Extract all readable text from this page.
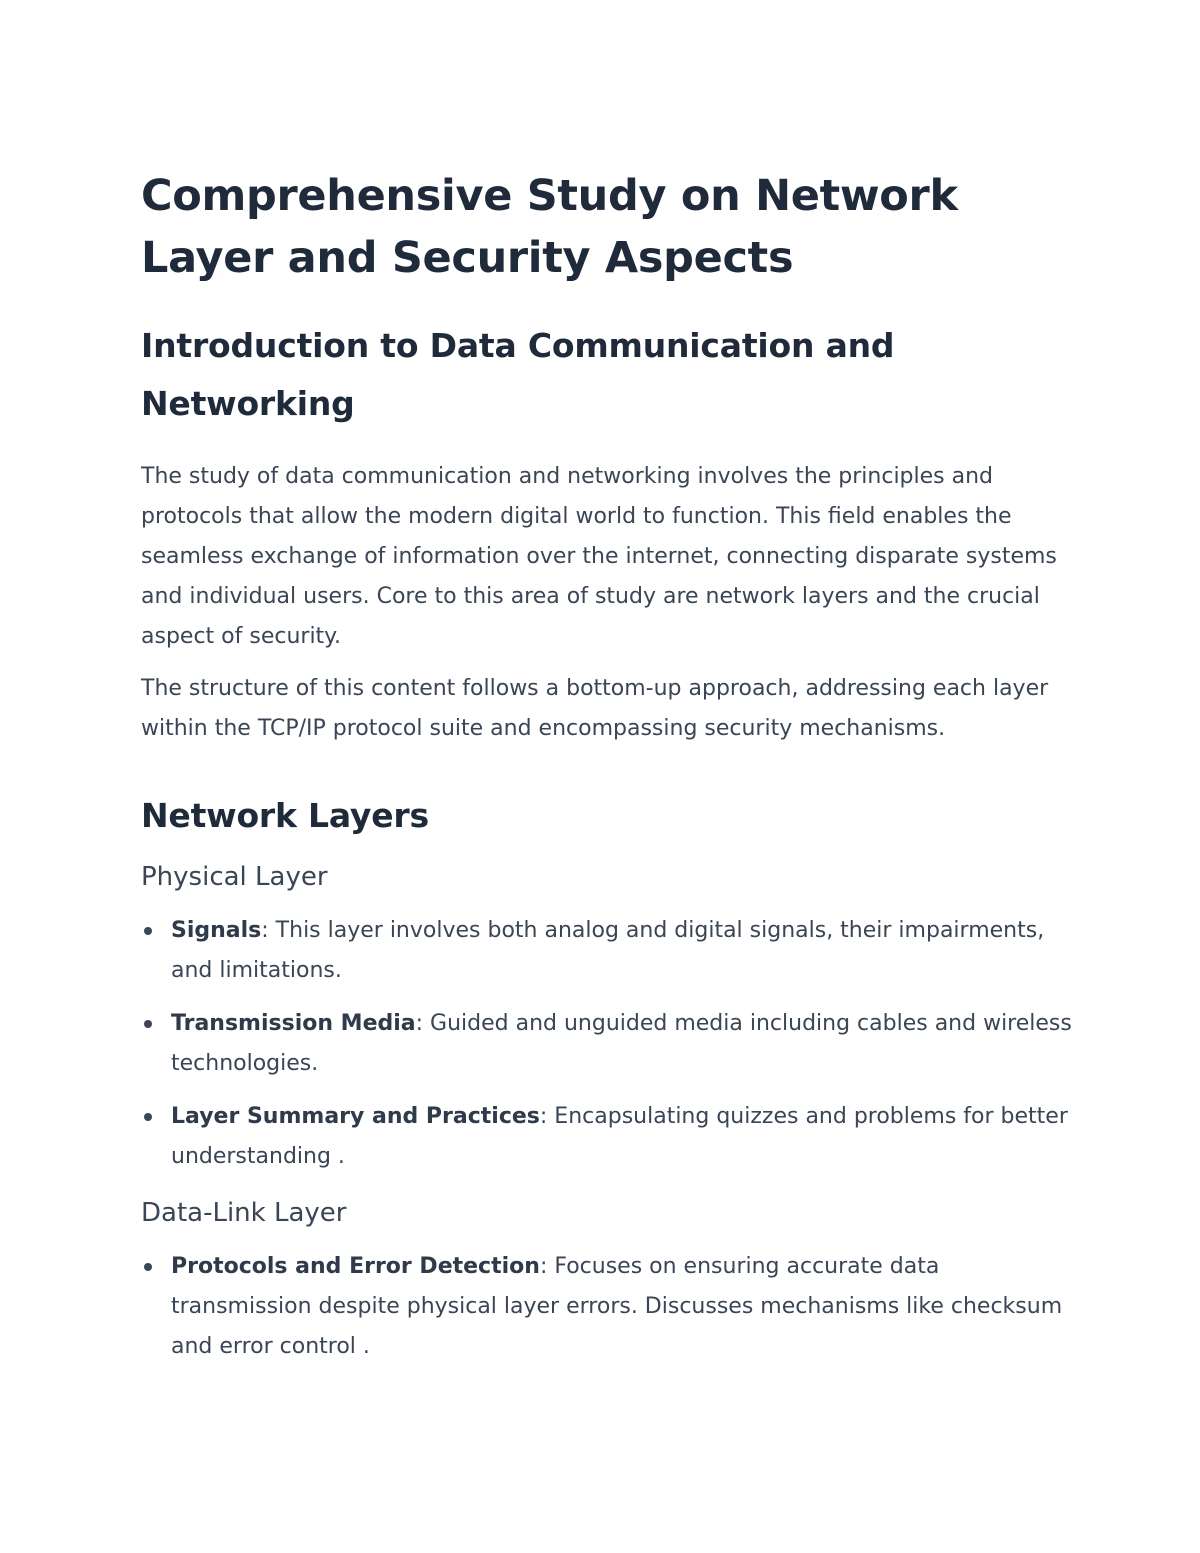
Comprehensive Study on Network Layer and Security Aspects
Introduction to Data Communication and Networking

The study of data communication and networking involves the principles and protocols that allow the modern digital world to function. This field enables the seamless exchange of information over the internet, connecting disparate systems and individual users. Core to this area of study are network layers and the crucial aspect of security.

The structure of this content follows a bottom-up approach, addressing each layer within the TCP/IP protocol suite and encompassing security mechanisms.

Network Layers
Physical Layer
Signals: This layer involves both analog and digital signals, their impairments, and limitations.
Transmission Media: Guided and unguided media including cables and wireless technologies.
Layer Summary and Practices: Encapsulating quizzes and problems for better understanding .
Data-Link Layer
Protocols and Error Detection: Focuses on ensuring accurate data transmission despite physical layer errors. Discusses mechanisms like checksum and error control .
